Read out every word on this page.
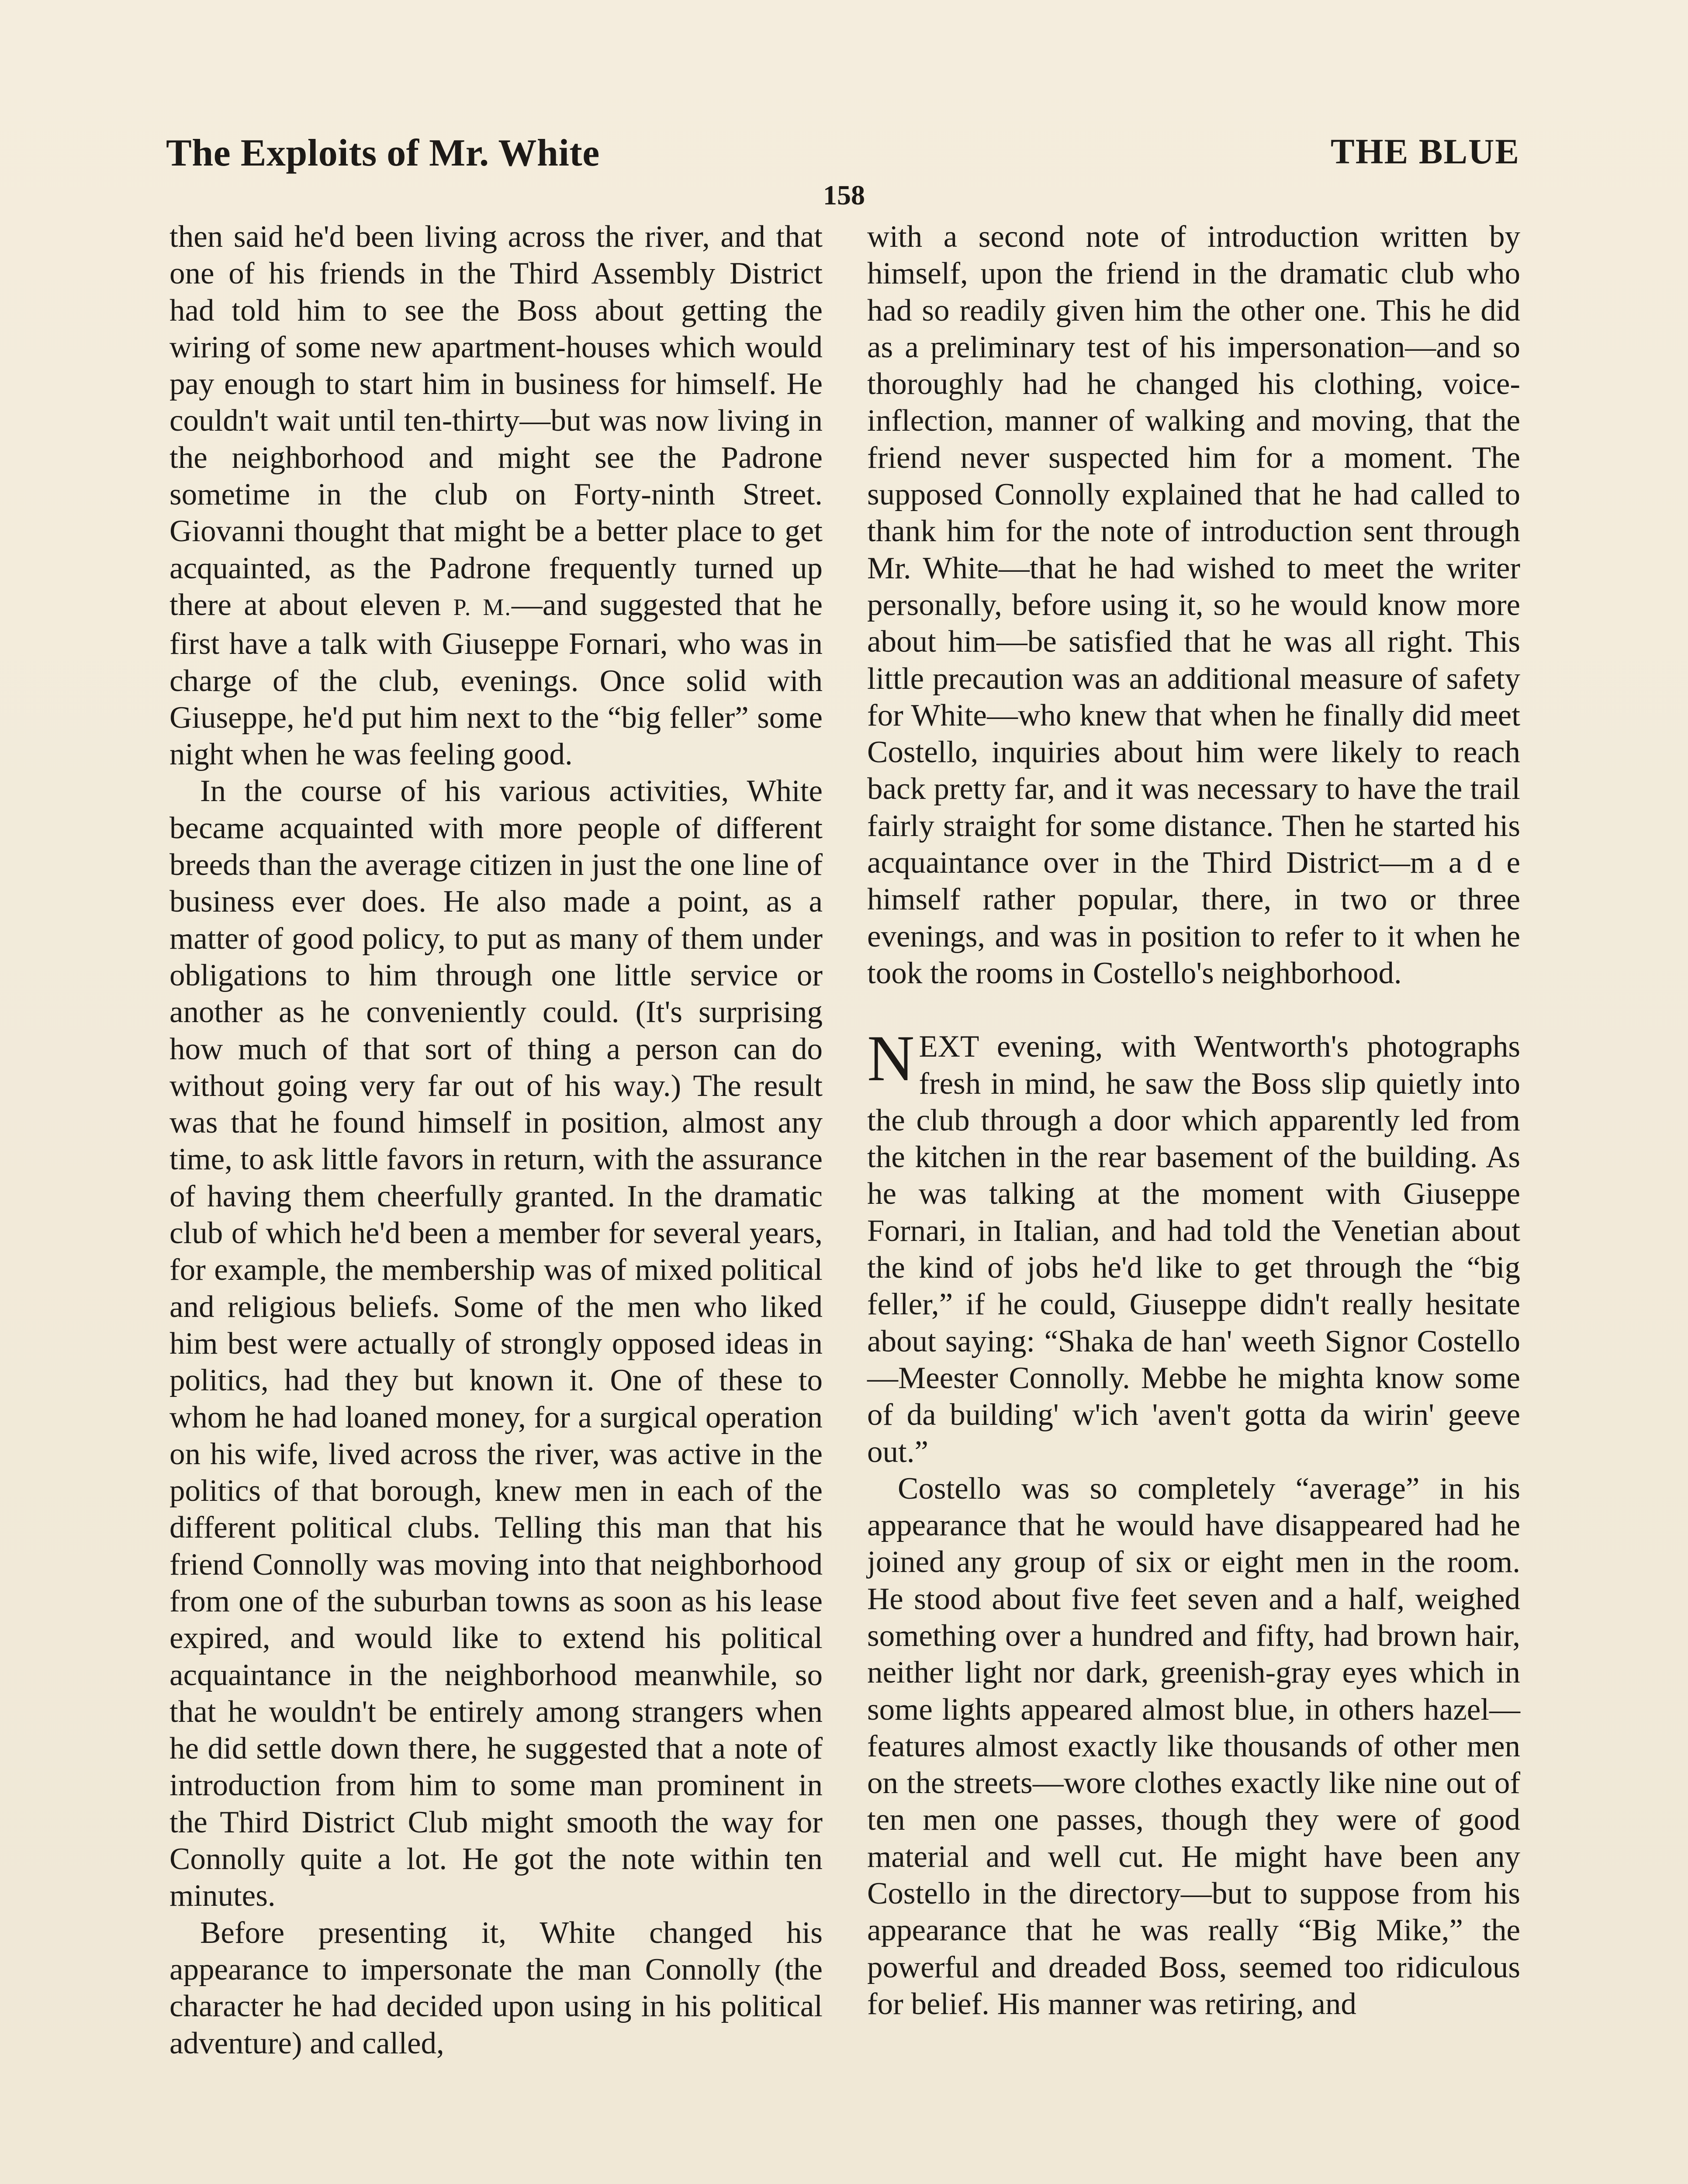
The Exploits of Mr. White	THE BLUE
158

then said he'd been living across the river, and that one of his friends in the Third Assembly District had told him to see the Boss about getting the wiring of some new apartment-houses which would pay enough to start him in business for himself. He couldn't wait until ten-thirty—but was now living in the neighborhood and might see the Padrone sometime in the club on Forty-ninth Street. Giovanni thought that might be a better place to get acquainted, as the Padrone frequently turned up there at about eleven P. M.—and suggested that he first have a talk with Giuseppe Fornari, who was in charge of the club, evenings. Once solid with Giuseppe, he'd put him next to the “big feller” some night when he was feeling good.

In the course of his various activities, White became acquainted with more people of different breeds than the average citizen in just the one line of business ever does. He also made a point, as a matter of good policy, to put as many of them under obligations to him through one little service or another as he conveniently could. (It's surprising how much of that sort of thing a person can do without going very far out of his way.) The result was that he found himself in position, almost any time, to ask little favors in return, with the assurance of having them cheerfully granted. In the dramatic club of which he'd been a member for several years, for example, the membership was of mixed political and religious beliefs. Some of the men who liked him best were actually of strongly opposed ideas in politics, had they but known it. One of these to whom he had loaned money, for a surgical operation on his wife, lived across the river, was active in the politics of that borough, knew men in each of the different political clubs. Telling this man that his friend Connolly was moving into that neighborhood from one of the suburban towns as soon as his lease expired, and would like to extend his political acquaintance in the neighborhood meanwhile, so that he wouldn't be entirely among strangers when he did settle down there, he suggested that a note of introduction from him to some man prominent in the Third District Club might smooth the way for Connolly quite a lot. He got the note within ten minutes.

Before presenting it, White changed his appearance to impersonate the man Connolly (the character he had decided upon using in his political adventure) and called,

with a second note of introduction written by himself, upon the friend in the dramatic club who had so readily given him the other one. This he did as a preliminary test of his impersonation—and so thoroughly had he changed his clothing, voice-inflection, manner of walking and moving, that the friend never suspected him for a moment. The supposed Connolly explained that he had called to thank him for the note of introduction sent through Mr. White—that he had wished to meet the writer personally, before using it, so he would know more about him—be satisfied that he was all right. This little precaution was an additional measure of safety for White—who knew that when he finally did meet Costello, inquiries about him were likely to reach back pretty far, and it was necessary to have the trail fairly straight for some distance. Then he started his acquaintance over in the Third District—m a d e himself rather popular, there, in two or three evenings, and was in position to refer to it when he took the rooms in Costello's neighborhood.

NEXT evening, with Wentworth's photographs fresh in mind, he saw the Boss slip quietly into the club through a door which apparently led from the kitchen in the rear basement of the building. As he was talking at the moment with Giuseppe Fornari, in Italian, and had told the Venetian about the kind of jobs he'd like to get through the “big feller,” if he could, Giuseppe didn't really hesitate about saying: “Shaka de han' weeth Signor Costello —Meester Connolly. Mebbe he mighta know some of da building' w'ich 'aven't gotta da wirin' geeve out.”

Costello was so completely “average” in his appearance that he would have disappeared had he joined any group of six or eight men in the room. He stood about five feet seven and a half, weighed something over a hundred and fifty, had brown hair, neither light nor dark, greenish-gray eyes which in some lights appeared almost blue, in others hazel—features almost exactly like thousands of other men on the streets—wore clothes exactly like nine out of ten men one passes, though they were of good material and well cut. He might have been any Costello in the directory—but to suppose from his appearance that he was really “Big Mike,” the powerful and dreaded Boss, seemed too ridiculous for belief. His manner was retiring, and
